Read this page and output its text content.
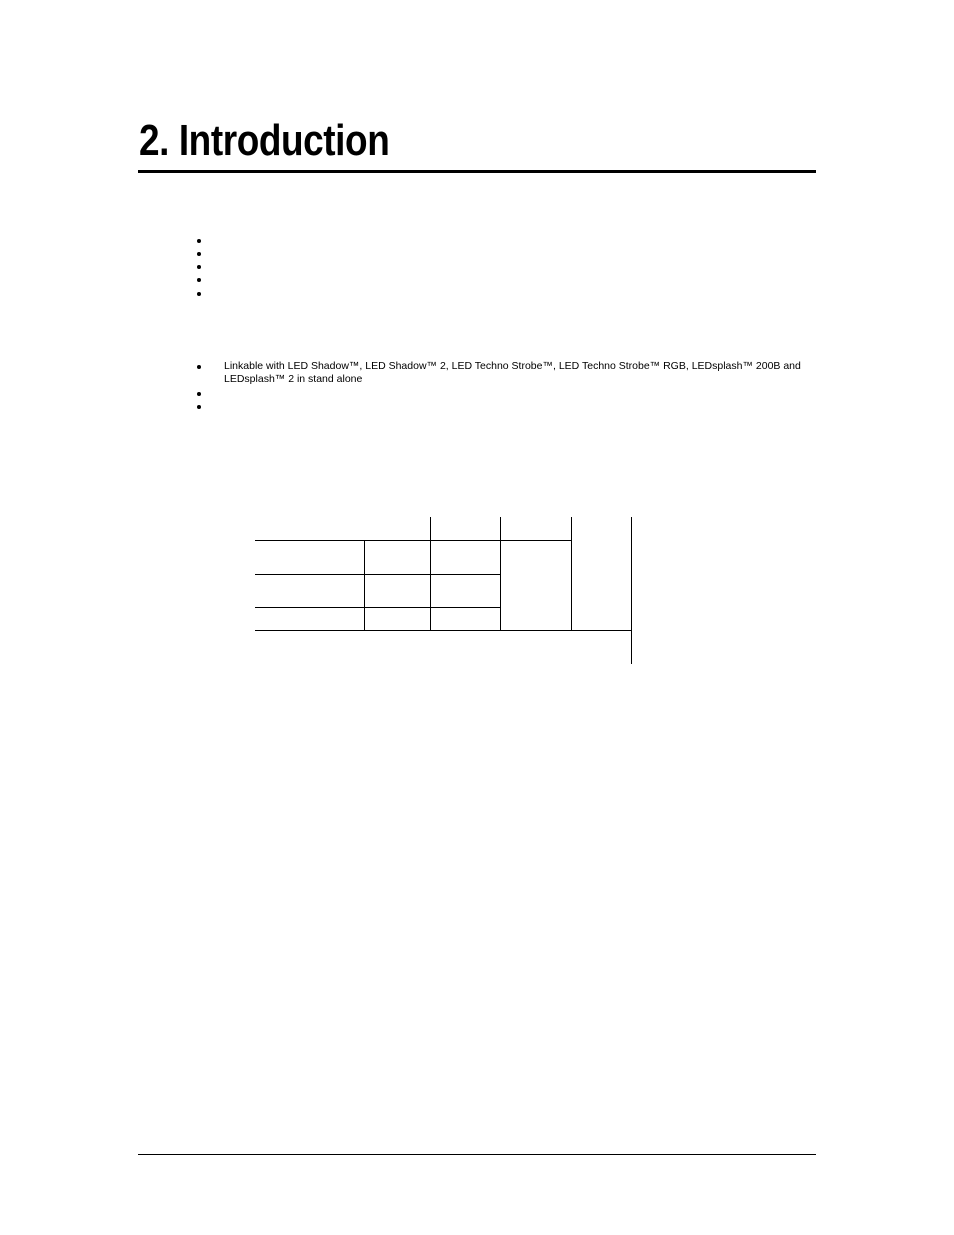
2. Introduction

Linkable with LED Shadow™, LED Shadow™ 2, LED Techno Strobe™, LED Techno Strobe™ RGB, LEDsplash™ 200B and LEDsplash™ 2 in stand alone
